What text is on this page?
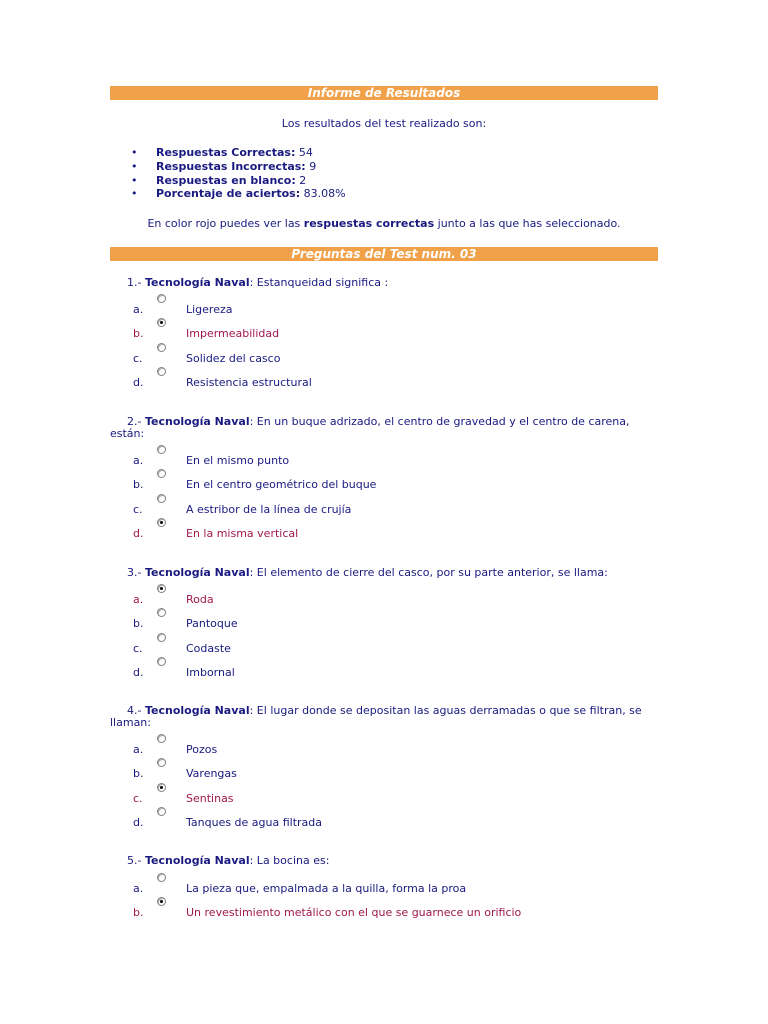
Informe de Resultados
Los resultados del test realizado son:
• Respuestas Correctas: 54
• Respuestas Incorrectas: 9
• Respuestas en blanco: 2
• Porcentaje de aciertos: 83.08%
En color rojo puedes ver las respuestas correctas junto a las que has seleccionado.
Preguntas del Test num. 03
1.- Tecnología Naval: Estanqueidad significa :
a.	Ligereza
b.	Impermeabilidad
c.	Solidez del casco
d.	Resistencia estructural
2.- Tecnología Naval: En un buque adrizado, el centro de gravedad y el centro de carena, están:
a.	En el mismo punto
b.	En el centro geométrico del buque
c.	A estribor de la línea de crujía
d.	En la misma vertical
3.- Tecnología Naval: El elemento de cierre del casco, por su parte anterior, se llama:
a.	Roda
b.	Pantoque
c.	Codaste
d.	Imbornal
4.- Tecnología Naval: El lugar donde se depositan las aguas derramadas o que se filtran, se llaman:
a.	Pozos
b.	Varengas
c.	Sentinas
d.	Tanques de agua filtrada
5.- Tecnología Naval: La bocina es:
a.	La pieza que, empalmada a la quilla, forma la proa
b.	Un revestimiento metálico con el que se guarnece un orificio
